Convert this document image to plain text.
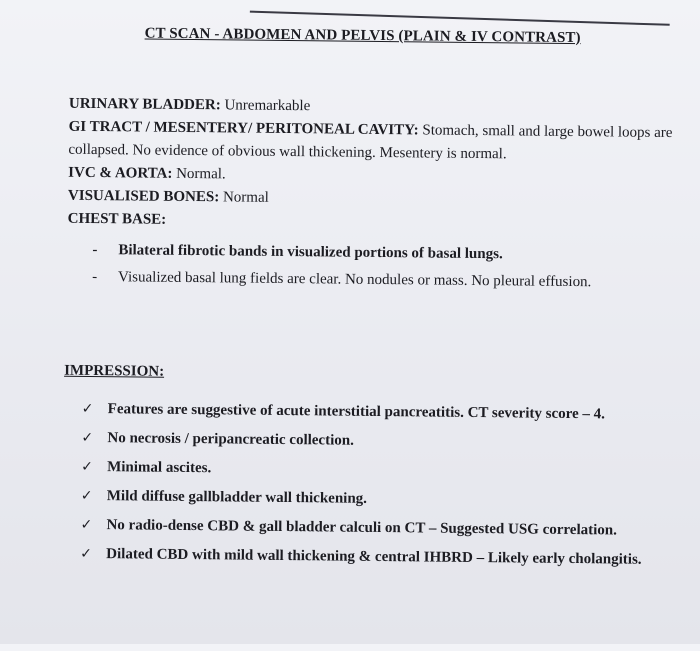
CT SCAN - ABDOMEN AND PELVIS (PLAIN & IV CONTRAST)

URINARY BLADDER: Unremarkable

GI TRACT / MESENTERY/ PERITONEAL CAVITY: Stomach, small and large bowel loops are collapsed. No evidence of obvious wall thickening. Mesentery is normal.

IVC & AORTA: Normal.

VISUALISED BONES: Normal

CHEST BASE:

- Bilateral fibrotic bands in visualized portions of basal lungs.
- Visualized basal lung fields are clear. No nodules or mass. No pleural effusion.
IMPRESSION:
✓ Features are suggestive of acute interstitial pancreatitis. CT severity score – 4.
✓ No necrosis / peripancreatic collection.
✓ Minimal ascites.
✓ Mild diffuse gallbladder wall thickening.
✓ No radio-dense CBD & gall bladder calculi on CT – Suggested USG correlation.
✓ Dilated CBD with mild wall thickening & central IHBRD – Likely early cholangitis.
